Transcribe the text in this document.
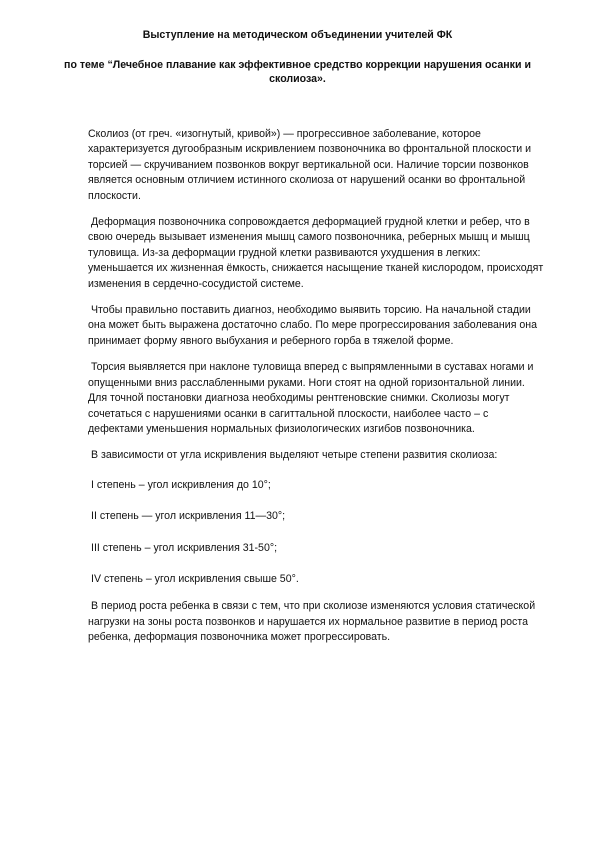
Выступление на методическом объединении учителей ФК

по теме “Лечебное плавание как эффективное средство коррекции нарушения осанки и сколиоза».

Сколиоз (от греч. «изогнутый, кривой») — прогрессивное заболевание, которое характеризуется дугообразным искривлением позвоночника во фронтальной плоскости и торсией — скручиванием позвонков вокруг вертикальной оси. Наличие торсии позвонков является основным отличием истинного сколиоза от нарушений осанки во фронтальной плоскости.

Деформация позвоночника сопровождается деформацией грудной клетки и ребер, что в свою очередь вызывает изменения мышц самого позвоночника, реберных мышц и мышц туловища. Из-за деформации грудной клетки развиваются ухудшения в легких: уменьшается их жизненная ёмкость, снижается насыщение тканей кислородом, происходят изменения в сердечно-сосудистой системе.

Чтобы правильно поставить диагноз, необходимо выявить торсию. На начальной стадии она может быть выражена достаточно слабо. По мере прогрессирования заболевания она принимает форму явного выбухания и реберного горба в тяжелой форме.

Торсия выявляется при наклоне туловища вперед с выпрямленными в суставах ногами и опущенными вниз расслабленными руками. Ноги стоят на одной горизонтальной линии. Для точной постановки диагноза необходимы рентгеновские снимки. Сколиозы могут сочетаться с нарушениями осанки в сагиттальной плоскости, наиболее часто – с дефектами уменьшения нормальных физиологических изгибов позвоночника.

В зависимости от угла искривления выделяют четыре степени развития сколиоза:

I степень – угол искривления до 10°;

II степень — угол искривления 11—30°;

III степень – угол искривления 31-50°;

IV степень – угол искривления свыше 50°.

В период роста ребенка в связи с тем, что при сколиозе изменяются условия статической нагрузки на зоны роста позвонков и нарушается их нормальное развитие в период роста ребенка, деформация позвоночника может прогрессировать.
